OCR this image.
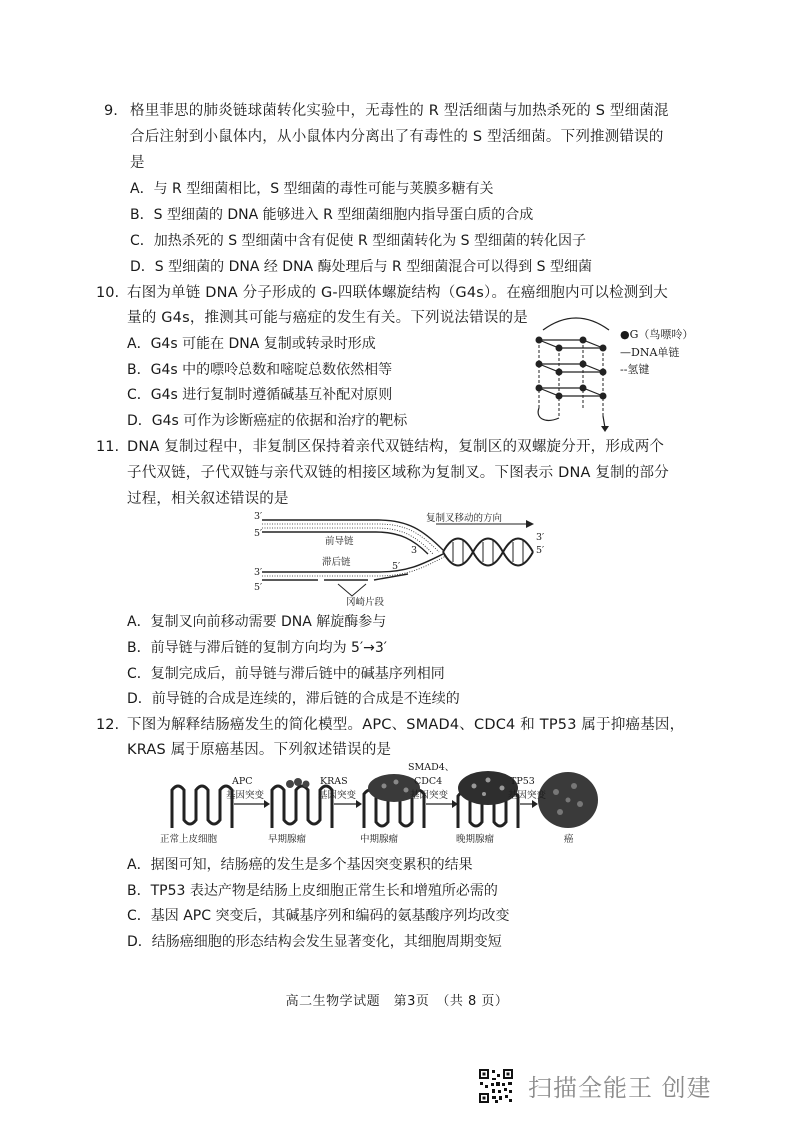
9. 格里菲思的肺炎链球菌转化实验中，无毒性的 R 型活细菌与加热杀死的 S 型细菌混
合后注射到小鼠体内，从小鼠体内分离出了有毒性的 S 型活细菌。下列推测错误的
是
A．与 R 型细菌相比，S 型细菌的毒性可能与荚膜多糖有关
B．S 型细菌的 DNA 能够进入 R 型细菌细胞内指导蛋白质的合成
C．加热杀死的 S 型细菌中含有促使 R 型细菌转化为 S 型细菌的转化因子
D．S 型细菌的 DNA 经 DNA 酶处理后与 R 型细菌混合可以得到 S 型细菌
10. 右图为单链 DNA 分子形成的 G-四联体螺旋结构（G4s）。在癌细胞内可以检测到大
量的 G4s，推测其可能与癌症的发生有关。下列说法错误的是
A．G4s 可能在 DNA 复制或转录时形成
B．G4s 中的嘌呤总数和嘧啶总数依然相等
C．G4s 进行复制时遵循碱基互补配对原则
D．G4s 可作为诊断癌症的依据和治疗的靶标
●G（鸟嘌呤）
—DNA单链
--氢键
11. DNA 复制过程中，非复制区保持着亲代双链结构，复制区的双螺旋分开，形成两个
子代双链，子代双链与亲代双链的相接区域称为复制叉。下图表示 DNA 复制的部分
过程，相关叙述错误的是
复制叉移动的方向
前导链
滞后链
冈崎片段
3′
5′
3′
5′
3
5′
3′
5′
A．复制叉向前移动需要 DNA 解旋酶参与
B．前导链与滞后链的复制方向均为 5′→3′
C．复制完成后，前导链与滞后链中的碱基序列相同
D．前导链的合成是连续的，滞后链的合成是不连续的
12. 下图为解释结肠癌发生的简化模型。APC、SMAD4、CDC4 和 TP53 属于抑癌基因，
KRAS 属于原癌基因。下列叙述错误的是
APC
基因突变
KRAS
基因突变
SMAD4、
CDC4
基因突变
TP53
基因突变
正常上皮细胞	早期腺瘤	中期腺瘤	晚期腺瘤	癌
A．据图可知，结肠癌的发生是多个基因突变累积的结果
B．TP53 表达产物是结肠上皮细胞正常生长和增殖所必需的
C．基因 APC 突变后，其碱基序列和编码的氨基酸序列均改变
D．结肠癌细胞的形态结构会发生显著变化，其细胞周期变短
高二生物学试题　第3页　（共 8 页）
扫描全能王 创建
